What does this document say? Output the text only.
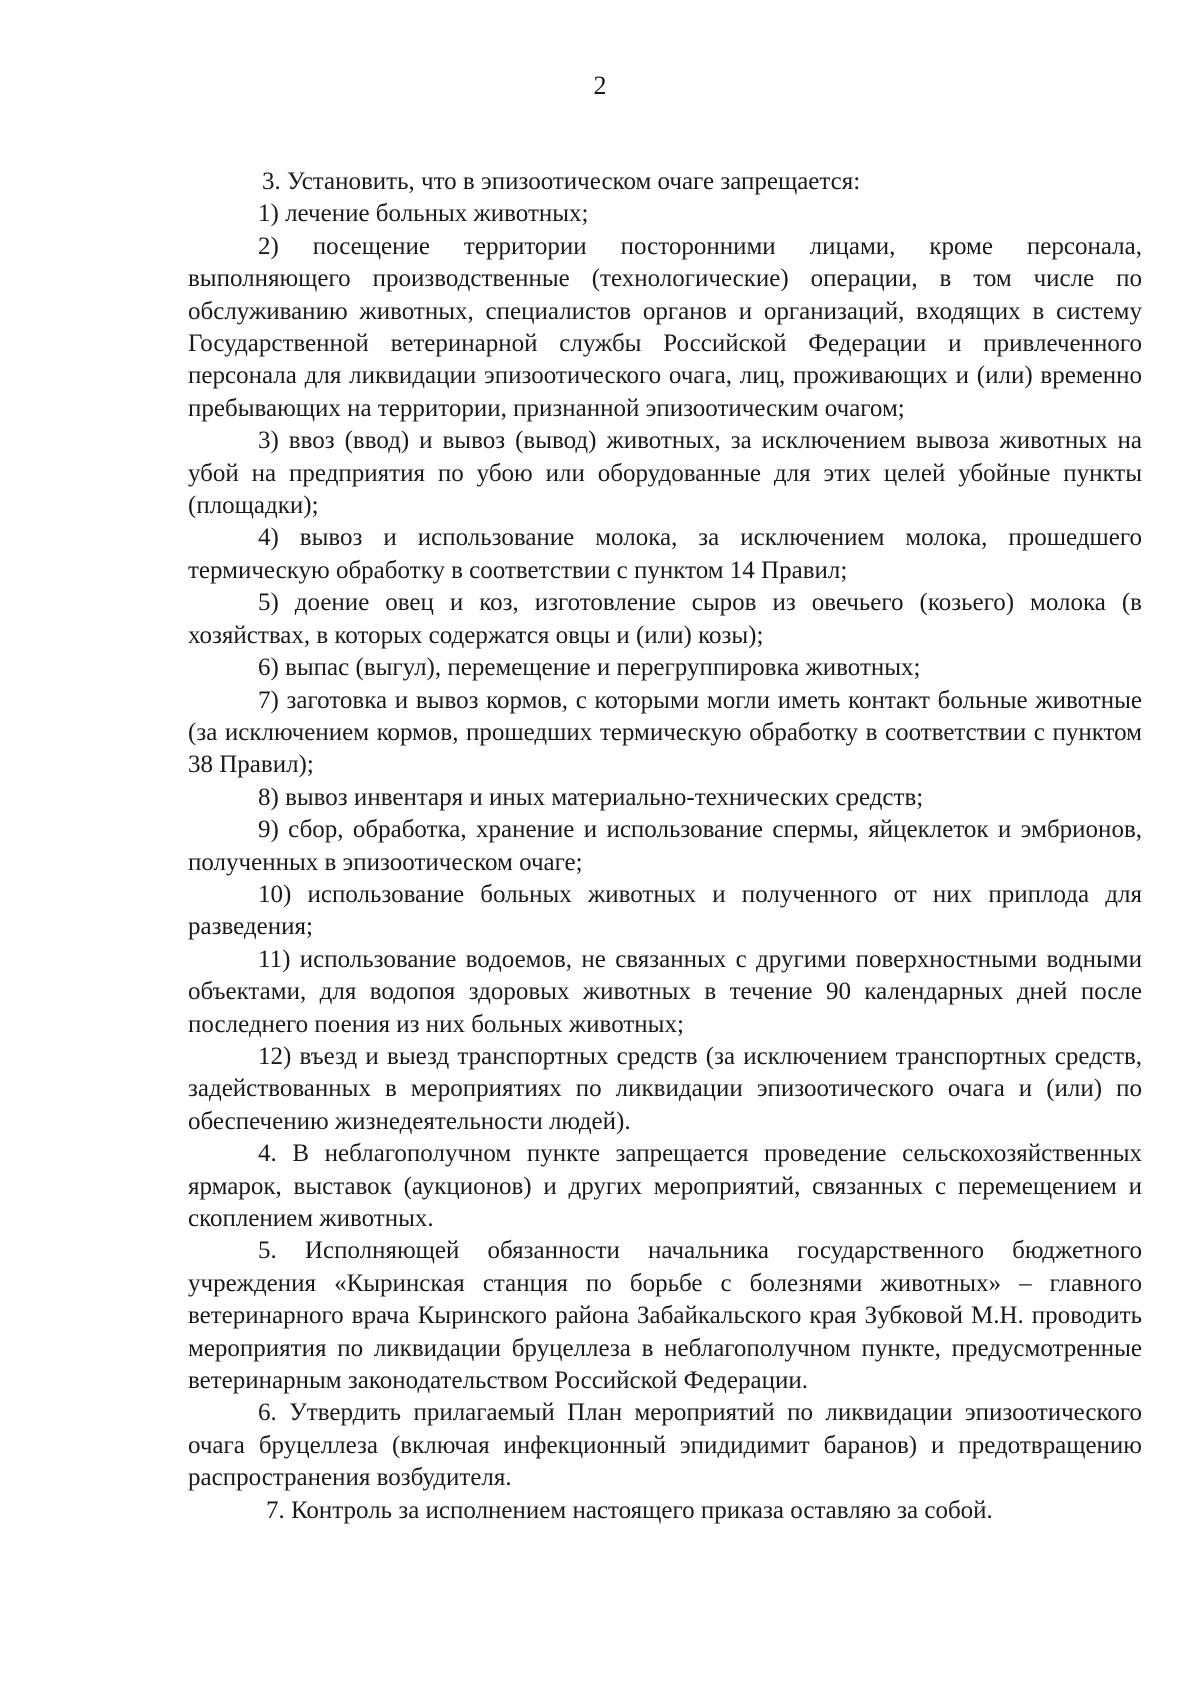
2

3. Установить, что в эпизоотическом очаге запрещается:

1) лечение больных животных;

2) посещение территории посторонними лицами, кроме персонала, выполняющего производственные (технологические) операции, в том числе по обслуживанию животных, специалистов органов и организаций, входящих в систему Государственной ветеринарной службы Российской Федерации и привлеченного персонала для ликвидации эпизоотического очага, лиц, проживающих и (или) временно пребывающих на территории, признанной эпизоотическим очагом;

3) ввоз (ввод) и вывоз (вывод) животных, за исключением вывоза животных на убой на предприятия по убою или оборудованные для этих целей убойные пункты (площадки);

4) вывоз и использование молока, за исключением молока, прошедшего термическую обработку в соответствии с пунктом 14 Правил;

5) доение овец и коз, изготовление сыров из овечьего (козьего) молока (в хозяйствах, в которых содержатся овцы и (или) козы);

6) выпас (выгул), перемещение и перегруппировка животных;

7) заготовка и вывоз кормов, с которыми могли иметь контакт больные животные (за исключением кормов, прошедших термическую обработку в соответствии с пунктом 38 Правил);

8) вывоз инвентаря и иных материально-технических средств;

9) сбор, обработка, хранение и использование спермы, яйцеклеток и эмбрионов, полученных в эпизоотическом очаге;

10) использование больных животных и полученного от них приплода для разведения;

11) использование водоемов, не связанных с другими поверхностными водными объектами, для водопоя здоровых животных в течение 90 календарных дней после последнего поения из них больных животных;

12) въезд и выезд транспортных средств (за исключением транспортных средств, задействованных в мероприятиях по ликвидации эпизоотического очага и (или) по обеспечению жизнедеятельности людей).

4. В неблагополучном пункте запрещается проведение сельскохозяйственных ярмарок, выставок (аукционов) и других мероприятий, связанных с перемещением и скоплением животных.

5. Исполняющей обязанности начальника государственного бюджетного учреждения «Кыринская станция по борьбе с болезнями животных» – главного ветеринарного врача Кыринского района Забайкальского края Зубковой М.Н. проводить мероприятия по ликвидации бруцеллеза в неблагополучном пункте, предусмотренные ветеринарным законодательством Российской Федерации.

6. Утвердить прилагаемый План мероприятий по ликвидации эпизоотического очага бруцеллеза (включая инфекционный эпидидимит баранов) и предотвращению распространения возбудителя.

7. Контроль за исполнением настоящего приказа оставляю за собой.
